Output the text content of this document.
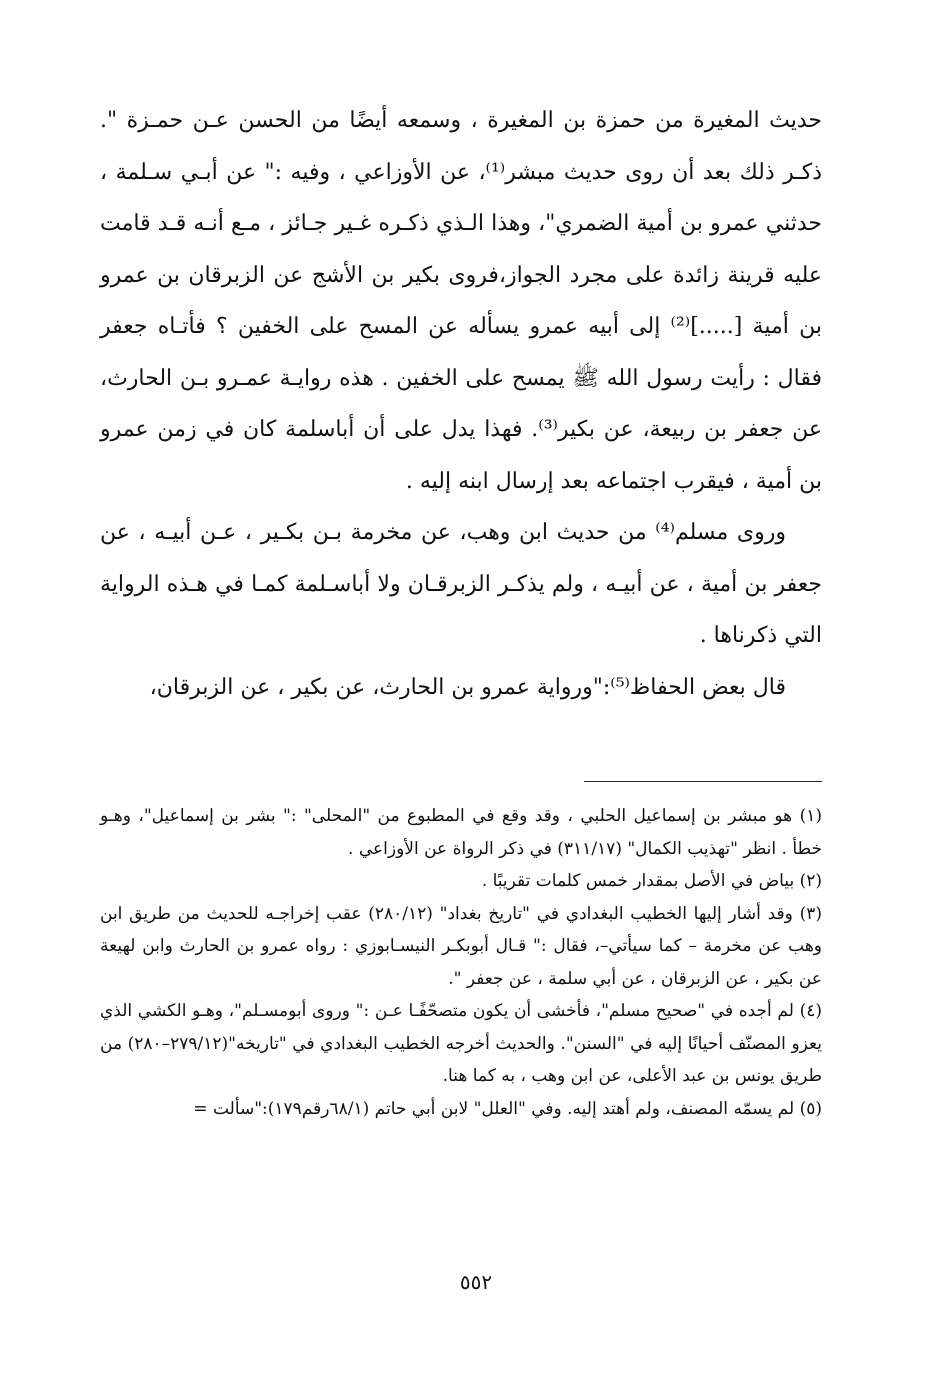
حديث المغيرة من حمزة بن المغيرة ، وسمعه أيضًا من الحسن عـن حمـزة ". ذكـر ذلك بعد أن روى حديث مبشر⁽¹⁾، عن الأوزاعي ، وفيه :" عن أبـي سـلمة ، حدثني عمرو بن أمية الضمري"، وهذا الـذي ذكـره غـير جـائز ، مـع أنـه قـد قامت عليه قرينة زائدة على مجرد الجواز،فروى بكير بن الأشج عن الزبرقان بن عمرو بن أمية [.....]⁽²⁾ إلى أبيه عمرو يسأله عن المسح على الخفين ؟ فأتـاه جعفر فقال : رأيت رسول الله ﷺ يمسح على الخفين . هذه روايـة عمـرو بـن الحارث، عن جعفر بن ربيعة، عن بكير⁽³⁾. فهذا يدل على أن أباسلمة كان في زمن عمرو بن أمية ، فيقرب اجتماعه بعد إرسال ابنه إليه .

وروى مسلم⁽⁴⁾ من حديث ابن وهب، عن مخرمة بـن بكـير ، عـن أبيـه ، عن جعفر بن أمية ، عن أبيـه ، ولم يذكـر الزبرقـان ولا أباسـلمة كمـا في هـذه الرواية التي ذكرناها .

قال بعض الحفاظ⁽⁵⁾:"ورواية عمرو بن الحارث، عن بكير ، عن الزبرقان،

(١) هو مبشر بن إسماعيل الحلبي ، وقد وقع في المطبوع من "المحلى" :" بشر بن إسماعيل"، وهـو خطأ . انظر "تهذيب الكمال" (٣١١/١٧) في ذكر الرواة عن الأوزاعي .

(٢) بياض في الأصل بمقدار خمس كلمات تقريبًا .

(٣) وقد أشار إليها الخطيب البغدادي في "تاريخ بغداد" (٢٨٠/١٢) عقب إخراجـه للحديث من طريق ابن وهب عن مخرمة – كما سيأتي–، فقال :" قـال أبوبكـر النيسـابوزي : رواه عمرو بن الحارث وابن لهيعة عن بكير ، عن الزبرقان ، عن أبي سلمة ، عن جعفر ".

(٤) لم أجده في "صحيح مسلم"، فأخشى أن يكون متصحّفًـا عـن :" وروى أبومسـلم"، وهـو الكشي الذي يعزو المصنّف أحيانًا إليه في "السنن". والحديث أخرجه الخطيب البغدادي في "تاريخه"(٢٧٩/١٢–٢٨٠) من طريق يونس بن عبد الأعلى، عن ابن وهب ، به كما هنا.

(٥) لم يسمّه المصنف، ولم أهتد إليه. وفي "العلل" لابن أبي حاتم (٦٨/١رقم١٧٩):"سألت =

٥٥٢
